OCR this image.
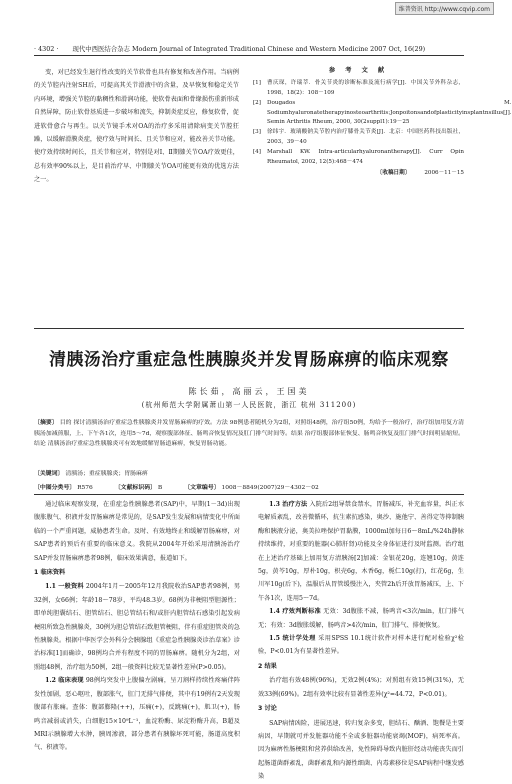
维普资讯 http://www.cqvip.com
· 4302 · 现代中西医结合杂志 Modern Journal of Integrated Traditional Chinese and Western Medicine 2007 Oct, 16(29)

变，对已经发生退行性改变的关节软骨也具有修复和改善作用。当病例的关节腔内注射SH后，可提高其关节滑液中的含量，及早恢复和稳定关节内环境，增强关节腔的黏稠性和滑润功能，使软骨表面和骨缘损伤重新形成自然屏障，防止软骨基质进一步破坏和流失，抑制炎症反应，修复软骨，促进软骨愈合与再生。以关节镜手术对OA的治疗多采用清除病变关节腔狂躁，以缓解滑膜炎症，使疗效与时间长、且关节和应对，能改善关节功能。使疗效持续时间长，且关节和应对，特别是对Ⅰ、Ⅱ期膝关节OA疗效更佳，总有效率90%以上，是目前治疗早、中期膝关节OA可能更有效的优选方法之一。

参 考 文 献
[1]	曹庆琛，许瑞莘．骨关节炎的诊断标准及流行病学[J]．中国关节外科杂志，1998，18(2)：108－109
[2]	Dougados M. Sodiumhyaluronatetherapyinosteoarthritis:Jonpoitonsandofplasticityinsplantnsillus[J]. Semin Arthritis Rheum, 2000, 30(2suppl1):19－25
[3]	徐纬宇．玻璃酸钠关节腔内治疗膝骨关节炎[J]．北京：中国医药科技出版社，2003，39－40
[4]	Marshall KW. Intra-articularhyaluronantherapy[J]. Curr Opin Rheumatol, 2002, 12(5):468－474
〔收稿日期〕	2006－11－15
清胰汤治疗重症急性胰腺炎并发胃肠麻痹的临床观察
陈长茹，高丽云，王国美
(杭州师范大学附属萧山第一人民医院，浙江 杭州 311200)
〔摘要〕 目的 探讨清胰汤治疗重症急性胰腺炎并发胃肠麻痹的疗效。方法 98例患者随机分为2组，对照组48例，治疗组50例，均给予一般治疗，治疗组加用复方清胰汤加减煎服，上、下午各1次，连用5～7d，观察腹部体征、肠鸣音恢复情况及肛门排气时间等。结果 治疗组腹部体征恢复、肠鸣音恢复及肛门排气时间明显缩短。结论 清胰汤治疗重症急性胰腺炎可有效地缓解胃肠道麻痹，恢复胃肠功能。
〔关键词〕 清胰汤；重症胰腺炎；胃肠麻痹
〔中图分类号〕 R576	〔文献标识码〕 B	〔文章编号〕 1008－8849(2007)29－4302－02

通过临床观察发现，在重症急性胰腺患者(SAP)中，早期(1－3d)出现腹胀腹气、积液并发胃肠麻痹是常见的，是SAP发生发展和病情变化中所面临的一个严重问题，威胁患者生命。及时、有效地终止和缓解胃肠麻痹，对SAP患者的预后有重要的临床意义。我院从2004年开始采用清胰汤治疗SAP并发胃肠麻痹患者98例，临床效果满意，报道如下。

1 临床资料

1.1 一般资料 2004年1月～2005年12月我院收治SAP患者98例，男32例，女66例；年龄18～78岁，平均48.3岁。68例为非梗阻型胆源性；即单纯胆囊结石、胆管结石、胆总管结石和/或肝内胆管结石感染引起发病梗阻所致急性胰腺炎，30例为胆总管结石致胆管梗阻，伴有重症胆管炎的急性胰腺炎。根据中华医学会外科分会胰腺组《重症急性胰腺炎诊治草案》诊治标准[1]而确诊，98例均合并有程度不同的胃肠麻痹。随机分为2组，对照组48例，治疗组为50例，2组一般资料比较无显著性差异(P>0.05)。

1.2 临床表现 98例均突发中上腹偏左剧痛，呈刀割样持续性疼痛伴阵发性加剧，恶心呕吐，腹部胀气，肛门无排气排便，其中有19例有2天发现腹部有胀痛。查体：腹部膨隆(++)，压痛(+)，反跳痛(+)，肌卫(+)，肠鸣音减弱或消失，白细胞15×10⁹L⁻¹，血淀粉酶、尿淀粉酶升高，B超及MRI示胰腺增大水肿，胰周渗液，部分患者有胰腺坏死可能，肠道高度积气、积液等。

1.3 治疗方法 入院后2组导禁食禁水，胃肠减压，补充血容量，纠正水电解质紊乱，改善微循环，抗生素抗感染，奥沙、施他宁、善得定等抑制胰酶和胰液分泌，奥美拉唑保护胃黏膜，1000ml加每日6～8mL/%24h静脉持续维持，对重要的脏器(心肺肝肾)功能及全身体征进行及时监测。治疗组在上述治疗基础上加用复方清胰汤[2]加减：金银花20g，连翘10g，黄连5g，黄芩10g，厚朴10g，枳壳6g，木香6g，栀仁10g(打)，红花6g，生川军10g(后下)，温服后从胃管缓慢注入，夹管2h后开放胃肠减压，上、下午各1次，连用5～7d。

1.4 疗效判断标准 无效：3d腹胀不减，肠鸣音<3次/min，肛门排气无；有效：3d腹胀缓解，肠鸣音>4次/min，肛门排气、排便恢复。

1.5 统计学处理 采用SPSS 10.1统计软件对样本进行配对检验χ²检验，P<0.01为有显著性差异。

2 结果

治疗组有效48例(96%)，无效2例(4%)；对照组有效15例(31%)，无效33例(69%)。2组有效率比较有显著性差异(χ²=44.72，P<0.01)。

3 讨论

SAP病情凶险，进展迅速，转归复杂多变，胆结石、酗酒、饱餐是主要病因，早期就可并发脏器功能不全或多脏器功能衰竭(MOF)，病死率高。因为麻痹性肠梗阻和营养供给改善，免性障碍导致内脏肝经动功能丧失而引起肠道菌群紊乱，菌群紊乱和内源性细菌、内毒素移位是SAP病程中继发感染
